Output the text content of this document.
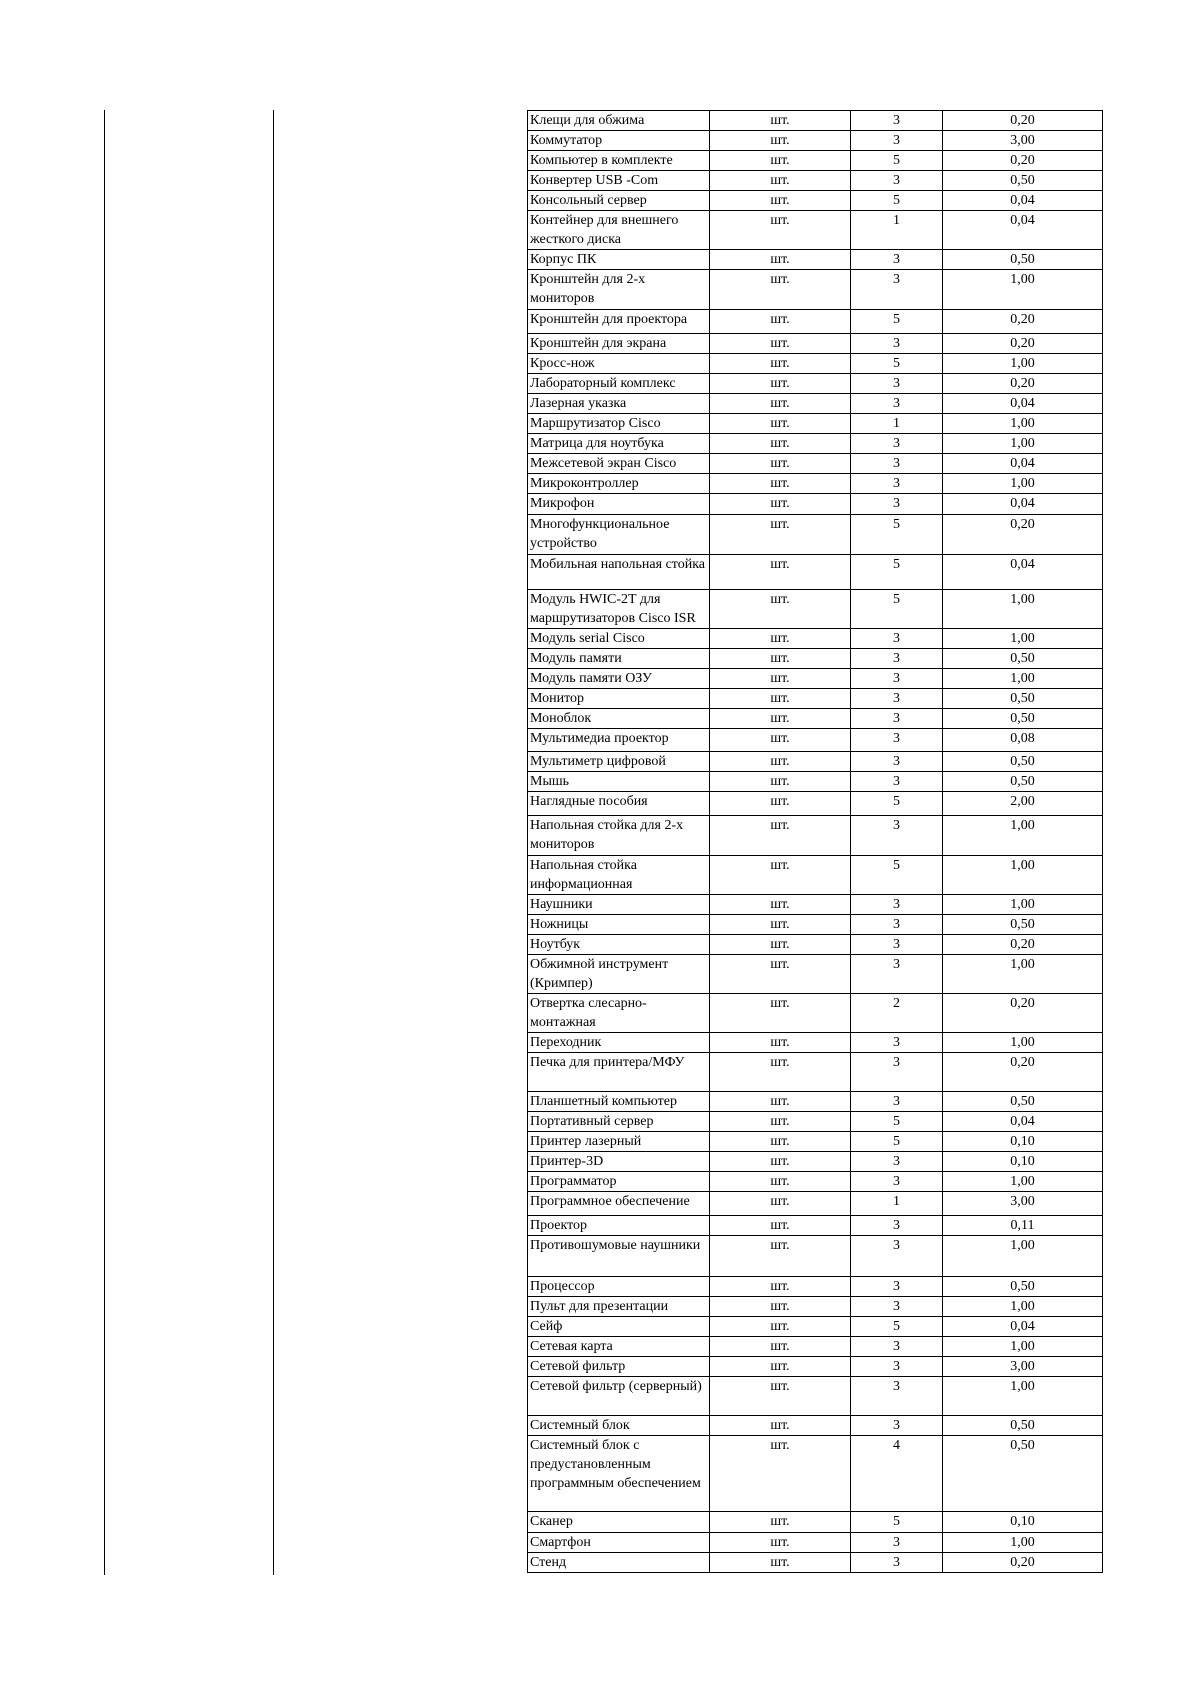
Клещи для обжима	шт.	3	0,20
Коммутатор	шт.	3	3,00
Компьютер в комплекте	шт.	5	0,20
Конвертер USB -Com	шт.	3	0,50
Консольный сервер	шт.	5	0,04
Контейнер для внешнего жесткого диска	шт.	1	0,04
Корпус ПК	шт.	3	0,50
Кронштейн для 2-х мониторов	шт.	3	1,00
Кронштейн для проектора	шт.	5	0,20
Кронштейн для экрана	шт.	3	0,20
Кросс-нож	шт.	5	1,00
Лабораторный комплекс	шт.	3	0,20
Лазерная указка	шт.	3	0,04
Маршрутизатор Cisco	шт.	1	1,00
Матрица для ноутбука	шт.	3	1,00
Межсетевой экран Cisco	шт.	3	0,04
Микроконтроллер	шт.	3	1,00
Микрофон	шт.	3	0,04
Многофункциональное устройство	шт.	5	0,20
Мобильная напольная стойка	шт.	5	0,04
Модуль HWIC-2T для маршрутизаторов Cisco ISR	шт.	5	1,00
Модуль serial Cisco	шт.	3	1,00
Модуль памяти	шт.	3	0,50
Модуль памяти ОЗУ	шт.	3	1,00
Монитор	шт.	3	0,50
Моноблок	шт.	3	0,50
Мультимедиа проектор	шт.	3	0,08
Мультиметр цифровой	шт.	3	0,50
Мышь	шт.	3	0,50
Наглядные пособия	шт.	5	2,00
Напольная стойка для 2-х мониторов	шт.	3	1,00
Напольная стойка информационная	шт.	5	1,00
Наушники	шт.	3	1,00
Ножницы	шт.	3	0,50
Ноутбук	шт.	3	0,20
Обжимной инструмент (Кримпер)	шт.	3	1,00
Отвертка слесарно-монтажная	шт.	2	0,20
Переходник	шт.	3	1,00
Печка для принтера/МФУ	шт.	3	0,20
Планшетный компьютер	шт.	3	0,50
Портативный сервер	шт.	5	0,04
Принтер лазерный	шт.	5	0,10
Принтер-3D	шт.	3	0,10
Программатор	шт.	3	1,00
Программное обеспечение	шт.	1	3,00
Проектор	шт.	3	0,11
Противошумовые наушники	шт.	3	1,00
Процессор	шт.	3	0,50
Пульт для презентации	шт.	3	1,00
Сейф	шт.	5	0,04
Сетевая карта	шт.	3	1,00
Сетевой фильтр	шт.	3	3,00
Сетевой фильтр (серверный)	шт.	3	1,00
Системный блок	шт.	3	0,50
Системный блок с предустановленным программным обеспечением	шт.	4	0,50
Сканер	шт.	5	0,10
Смартфон	шт.	3	1,00
Стенд	шт.	3	0,20
